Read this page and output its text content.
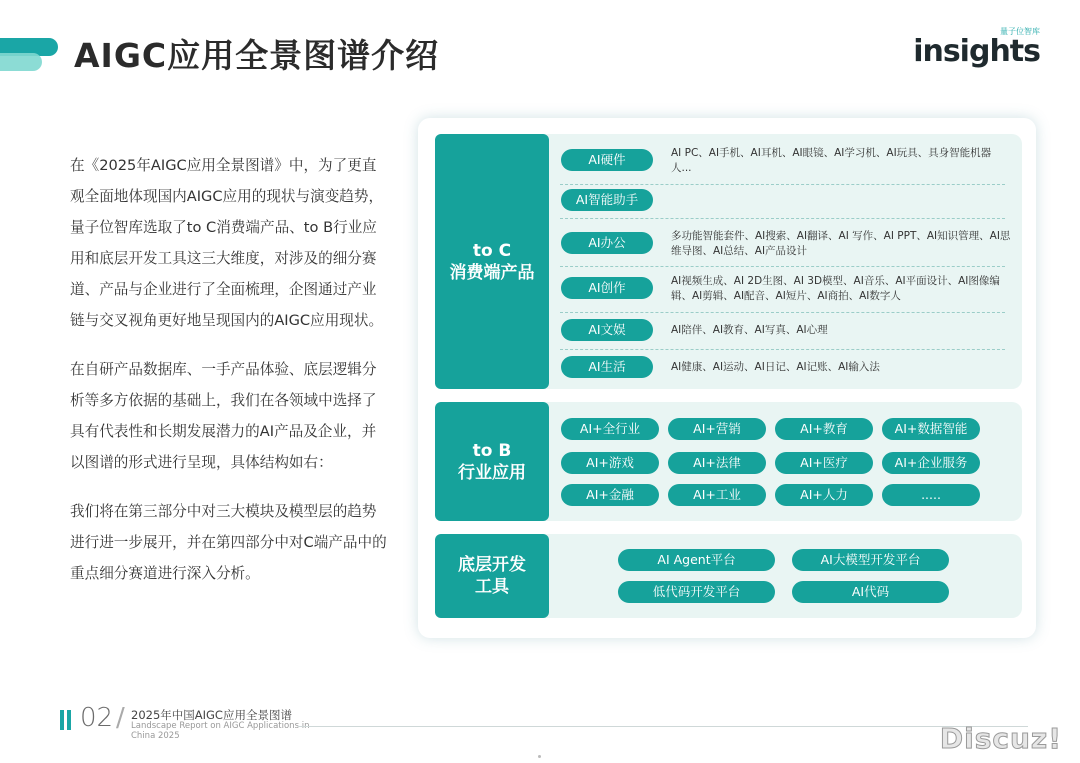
AIGC应用全景图谱介绍
量子位智库
insights

在《2025年AIGC应用全景图谱》中，为了更直观全面地体现国内AIGC应用的现状与演变趋势，量子位智库选取了to C消费端产品、to B行业应用和底层开发工具这三大维度，对涉及的细分赛道、产品与企业进行了全面梳理，企图通过产业链与交叉视角更好地呈现国内的AIGC应用现状。

在自研产品数据库、一手产品体验、底层逻辑分析等多方依据的基础上，我们在各领域中选择了具有代表性和长期发展潜力的AI产品及企业，并以图谱的形式进行呈现，具体结构如右：

我们将在第三部分中对三大模块及模型层的趋势进行进一步展开，并在第四部分中对C端产品中的重点细分赛道进行深入分析。

to C
消费端产品
AI硬件	AI PC、AI手机、AI耳机、AI眼镜、AI学习机、AI玩具、具身智能机器人...
AI智能助手
AI办公	多功能智能套件、AI搜索、AI翻译、AI 写作、AI PPT、AI知识管理、AI思维导图、AI总结、AI产品设计
AI创作	AI视频生成、AI 2D生图、AI 3D模型、AI音乐、AI平面设计、AI图像编辑、AI剪辑、AI配音、AI短片、AI商拍、AI数字人
AI文娱	AI陪伴、AI教育、AI写真、AI心理
AI生活	AI健康、AI运动、AI日记、AI记账、AI输入法
to B
行业应用
AI+全行业	AI+营销	AI+教育	AI+数据智能
AI+游戏	AI+法律	AI+医疗	AI+企业服务
AI+金融	AI+工业	AI+人力	.....
底层开发
工具
AI Agent平台	AI大模型开发平台
低代码开发平台	AI代码
02 / 2025年中国AIGC应用全景图谱
Landscape Report on AIGC Applications in China 2025	Discuz!
